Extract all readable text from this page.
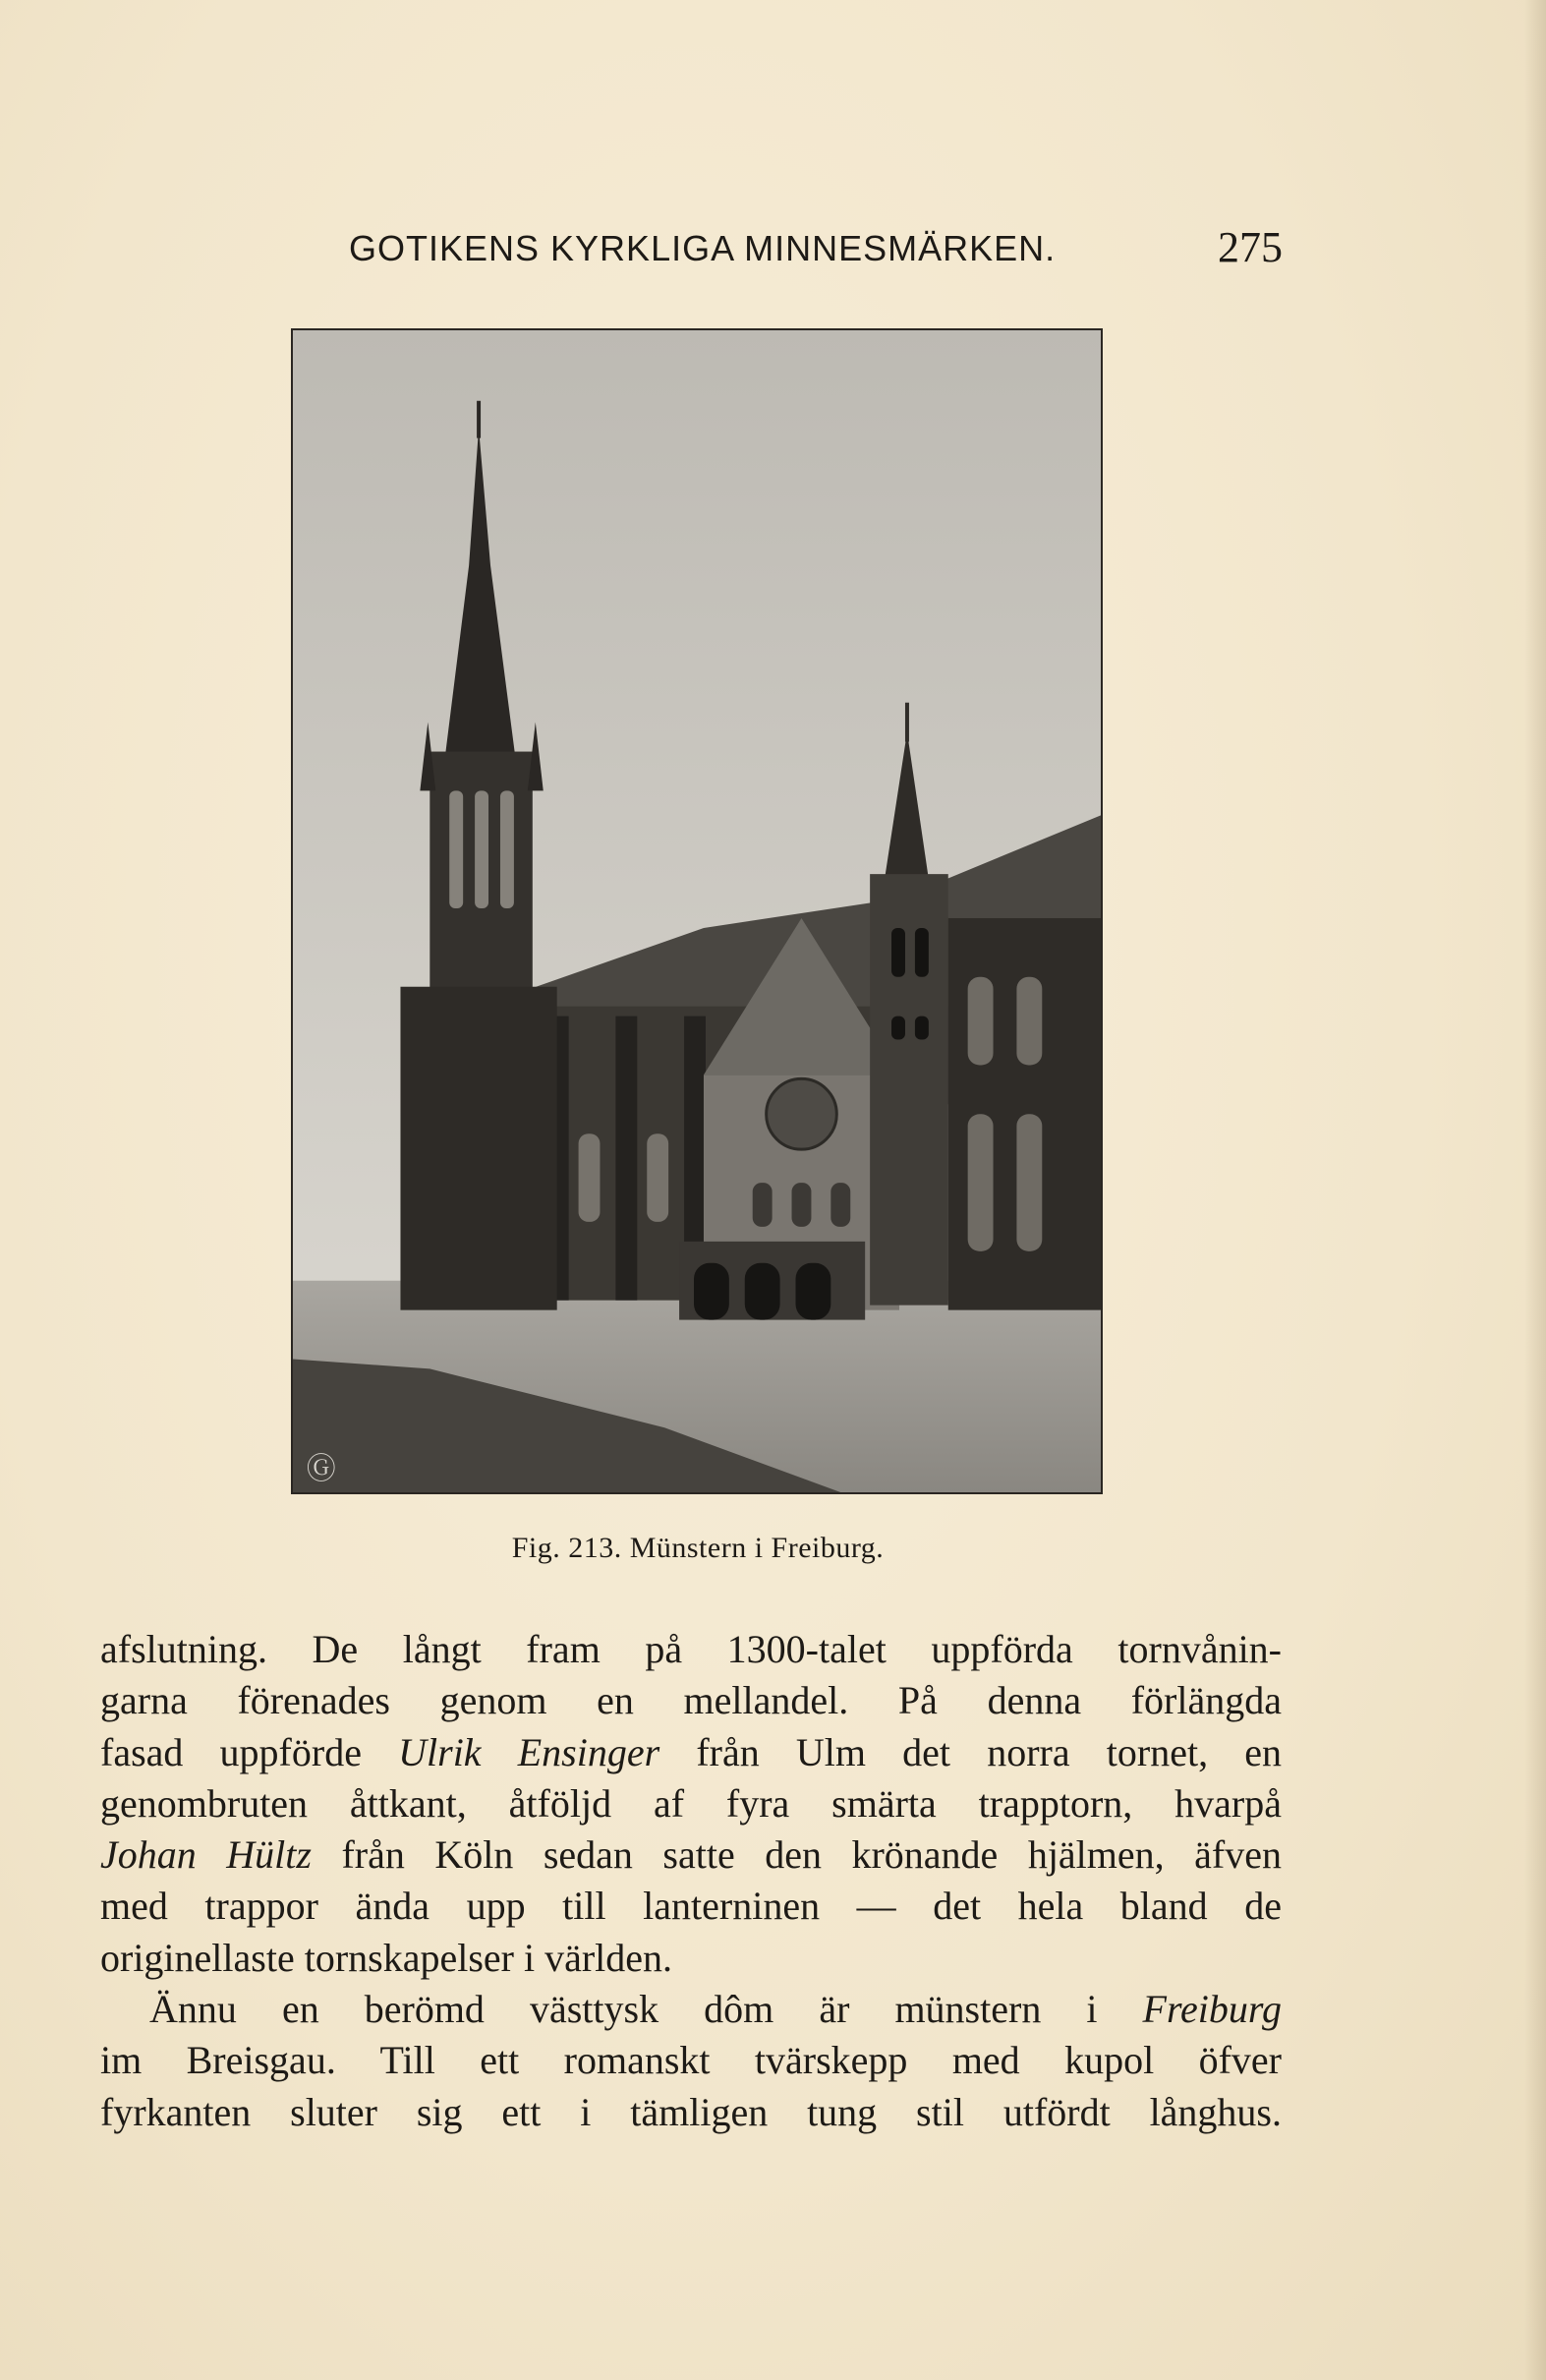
GOTIKENS KYRKLIGA MINNESMÄRKEN.	275
Ⓖ
Fig. 213. Münstern i Freiburg.
afslutning. De långt fram på 1300-talet uppförda tornvånin-
garna förenades genom en mellandel. På denna förlängda
fasad uppförde Ulrik Ensinger från Ulm det norra tornet, en
genombruten åttkant, åtföljd af fyra smärta trapptorn, hvarpå
Johan Hültz från Köln sedan satte den krönande hjälmen, äfven
med trappor ända upp till lanterninen — det hela bland de
originellaste tornskapelser i världen.
Ännu en berömd västtysk dôm är münstern i Freiburg
im Breisgau. Till ett romanskt tvärskepp med kupol öfver
fyrkanten sluter sig ett i tämligen tung stil utfördt långhus.
